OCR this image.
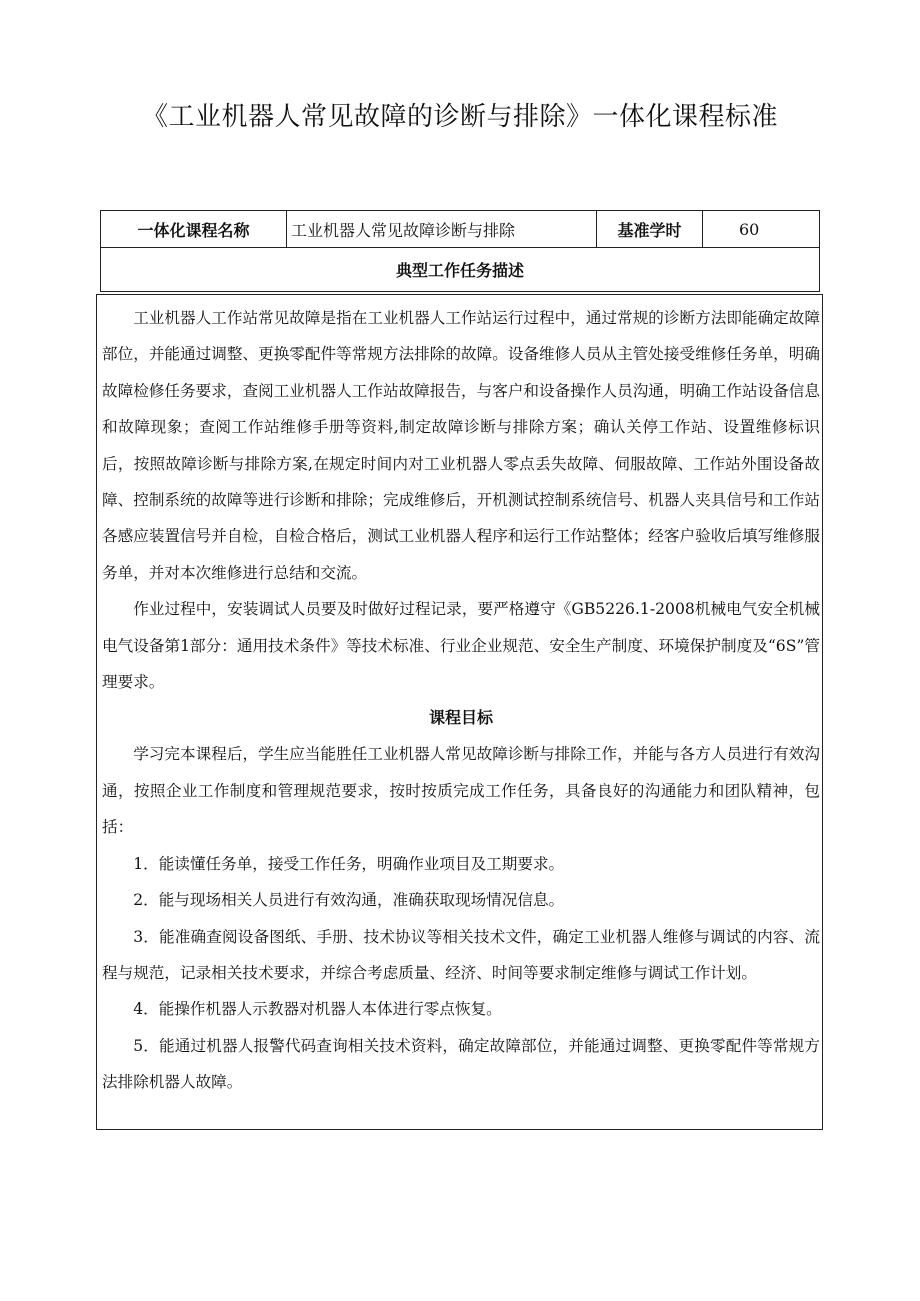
《工业机器人常见故障的诊断与排除》一体化课程标准
一体化课程名称	工业机器人常见故障诊断与排除	基准学时	60
典型工作任务描述

工业机器人工作站常见故障是指在工业机器人工作站运行过程中，通过常规的诊断方法即能确定故障部位，并能通过调整、更换零配件等常规方法排除的故障。设备维修人员从主管处接受维修任务单，明确故障检修任务要求，查阅工业机器人工作站故障报告，与客户和设备操作人员沟通，明确工作站设备信息和故障现象；查阅工作站维修手册等资料,制定故障诊断与排除方案；确认关停工作站、设置维修标识后，按照故障诊断与排除方案,在规定时间内对工业机器人零点丢失故障、伺服故障、工作站外围设备故障、控制系统的故障等进行诊断和排除；完成维修后，开机测试控制系统信号、机器人夹具信号和工作站各感应装置信号并自检，自检合格后，测试工业机器人程序和运行工作站整体；经客户验收后填写维修服务单，并对本次维修进行总结和交流。

作业过程中，安装调试人员要及时做好过程记录，要严格遵守《GB5226.1-2008机械电气安全机械电气设备第1部分：通用技术条件》等技术标准、行业企业规范、安全生产制度、环境保护制度及“6S”管理要求。

课程目标

学习完本课程后，学生应当能胜任工业机器人常见故障诊断与排除工作，并能与各方人员进行有效沟通，按照企业工作制度和管理规范要求，按时按质完成工作任务，具备良好的沟通能力和团队精神，包括：

1．能读懂任务单，接受工作任务，明确作业项目及工期要求。

2．能与现场相关人员进行有效沟通，准确获取现场情况信息。

3．能准确查阅设备图纸、手册、技术协议等相关技术文件，确定工业机器人维修与调试的内容、流程与规范，记录相关技术要求，并综合考虑质量、经济、时间等要求制定维修与调试工作计划。

4．能操作机器人示教器对机器人本体进行零点恢复。

5．能通过机器人报警代码查询相关技术资料，确定故障部位，并能通过调整、更换零配件等常规方法排除机器人故障。
